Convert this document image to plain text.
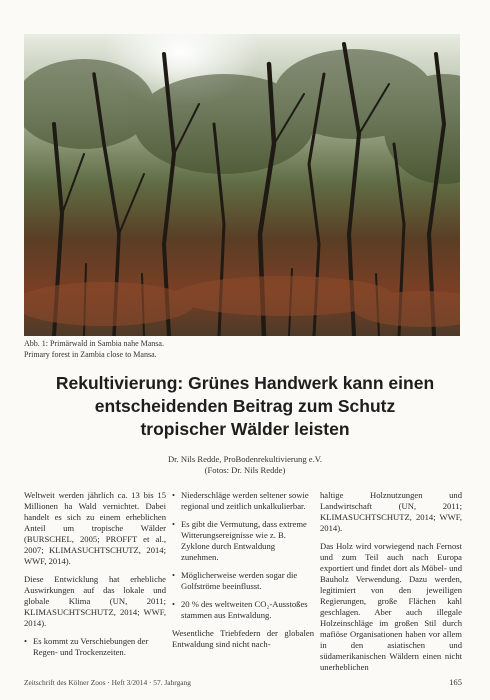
Abb. 1: Primärwald in Sambia nahe Mansa.
Primary forest in Zambia close to Mansa.
Rekultivierung: Grünes Handwerk kann einen
entscheidenden Beitrag zum Schutz
tropischer Wälder leisten
Dr. Nils Redde, ProBodenrekultivierung e.V.
(Fotos: Dr. Nils Redde)

Weltweit werden jährlich ca. 13 bis 15 Millionen ha Wald vernichtet. Dabei handelt es sich zu einem erheblichen Anteil um tropische Wälder (BURSCHEL, 2005; PROFFT et al., 2007; KLIMASUCHTSCHUTZ, 2014; WWF, 2014).

Diese Entwicklung hat erhebliche Auswirkungen auf das lokale und globale Klima (UN, 2011; KLIMASUCHTSCHUTZ, 2014; WWF, 2014).

• Es kommt zu Verschiebungen der Regen- und Trockenzeiten.
• Niederschläge werden seltener sowie regional und zeitlich unkalkulierbar.
• Es gibt die Vermutung, dass extreme Witterungsereignisse wie z. B. Zyklone durch Entwaldung zunehmen.
• Möglicherweise werden sogar die Golfströme beeinflusst.
• 20 % des weltweiten CO₂-Ausstoßes stammen aus Entwaldung.

Wesentliche Triebfedern der globalen Entwaldung sind nicht nach-

haltige Holznutzungen und Landwirtschaft (UN, 2011; KLIMASUCHTSCHUTZ, 2014; WWF, 2014).

Das Holz wird vorwiegend nach Fernost und zum Teil auch nach Europa exportiert und findet dort als Möbel- und Bauholz Verwendung. Dazu werden, legitimiert von den jeweiligen Regierungen, große Flächen kahl geschlagen. Aber auch illegale Holzeinschläge im großen Stil durch mafiöse Organisationen haben vor allem in den asiatischen und südamerikanischen Wäldern einen nicht unerheblichen

Zeitschrift des Kölner Zoos · Heft 3/2014 · 57. Jahrgang	165
